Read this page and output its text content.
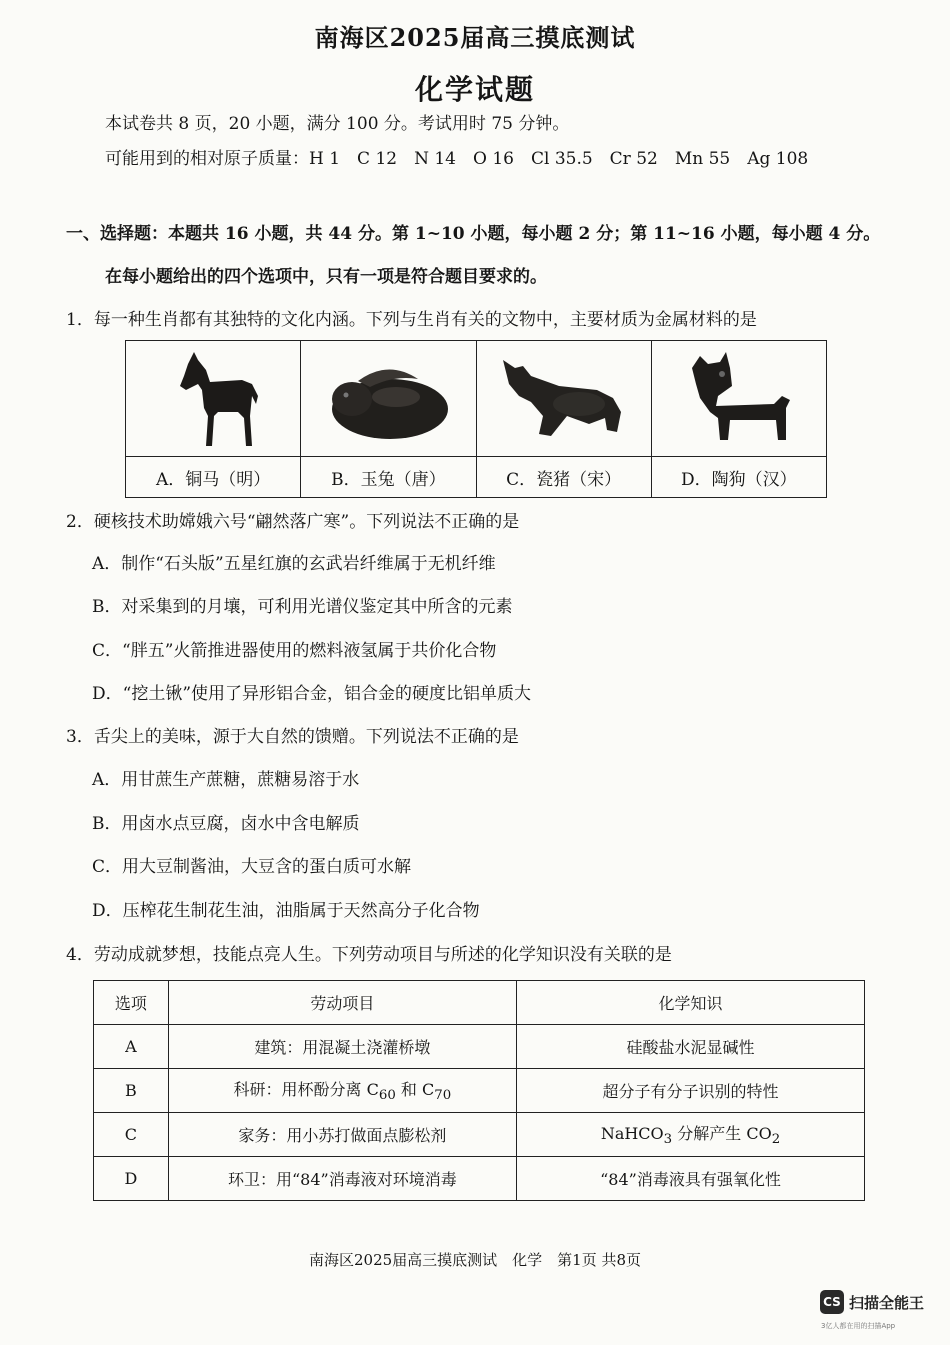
南海区2025届高三摸底测试
化学试题
本试卷共 8 页，20 小题，满分 100 分。考试用时 75 分钟。
可能用到的相对原子质量：H 1　C 12　N 14　O 16　Cl 35.5　Cr 52　Mn 55　Ag 108
一、选择题：本题共 16 小题，共 44 分。第 1~10 小题，每小题 2 分；第 11~16 小题，每小题 4 分。
在每小题给出的四个选项中，只有一项是符合题目要求的。
1．每一种生肖都有其独特的文化内涵。下列与生肖有关的文物中，主要材质为金属材料的是
A．铜马（明）	B．玉兔（唐）	C．瓷猪（宋）	D．陶狗（汉）
2．硬核技术助嫦娥六号“翩然落广寒”。下列说法不正确的是
A．制作“石头版”五星红旗的玄武岩纤维属于无机纤维
B．对采集到的月壤，可利用光谱仪鉴定其中所含的元素
C．“胖五”火箭推进器使用的燃料液氢属于共价化合物
D．“挖土锹”使用了异形铝合金，铝合金的硬度比铝单质大
3．舌尖上的美味，源于大自然的馈赠。下列说法不正确的是
A．用甘蔗生产蔗糖，蔗糖易溶于水
B．用卤水点豆腐，卤水中含电解质
C．用大豆制酱油，大豆含的蛋白质可水解
D．压榨花生制花生油，油脂属于天然高分子化合物
4．劳动成就梦想，技能点亮人生。下列劳动项目与所述的化学知识没有关联的是
选项	劳动项目	化学知识
A	建筑：用混凝土浇灌桥墩	硅酸盐水泥显碱性
B	科研：用杯酚分离 $C_{60}$ 和 $C_{70}$	超分子有分子识别的特性
C	家务：用小苏打做面点膨松剂	NaHCO$_3$ 分解产生 $CO_2$
D	环卫：用“84”消毒液对环境消毒	“84”消毒液具有强氧化性
南海区2025届高三摸底测试　化学　第1页 共8页
CS 扫描全能王
3亿人都在用的扫描App
